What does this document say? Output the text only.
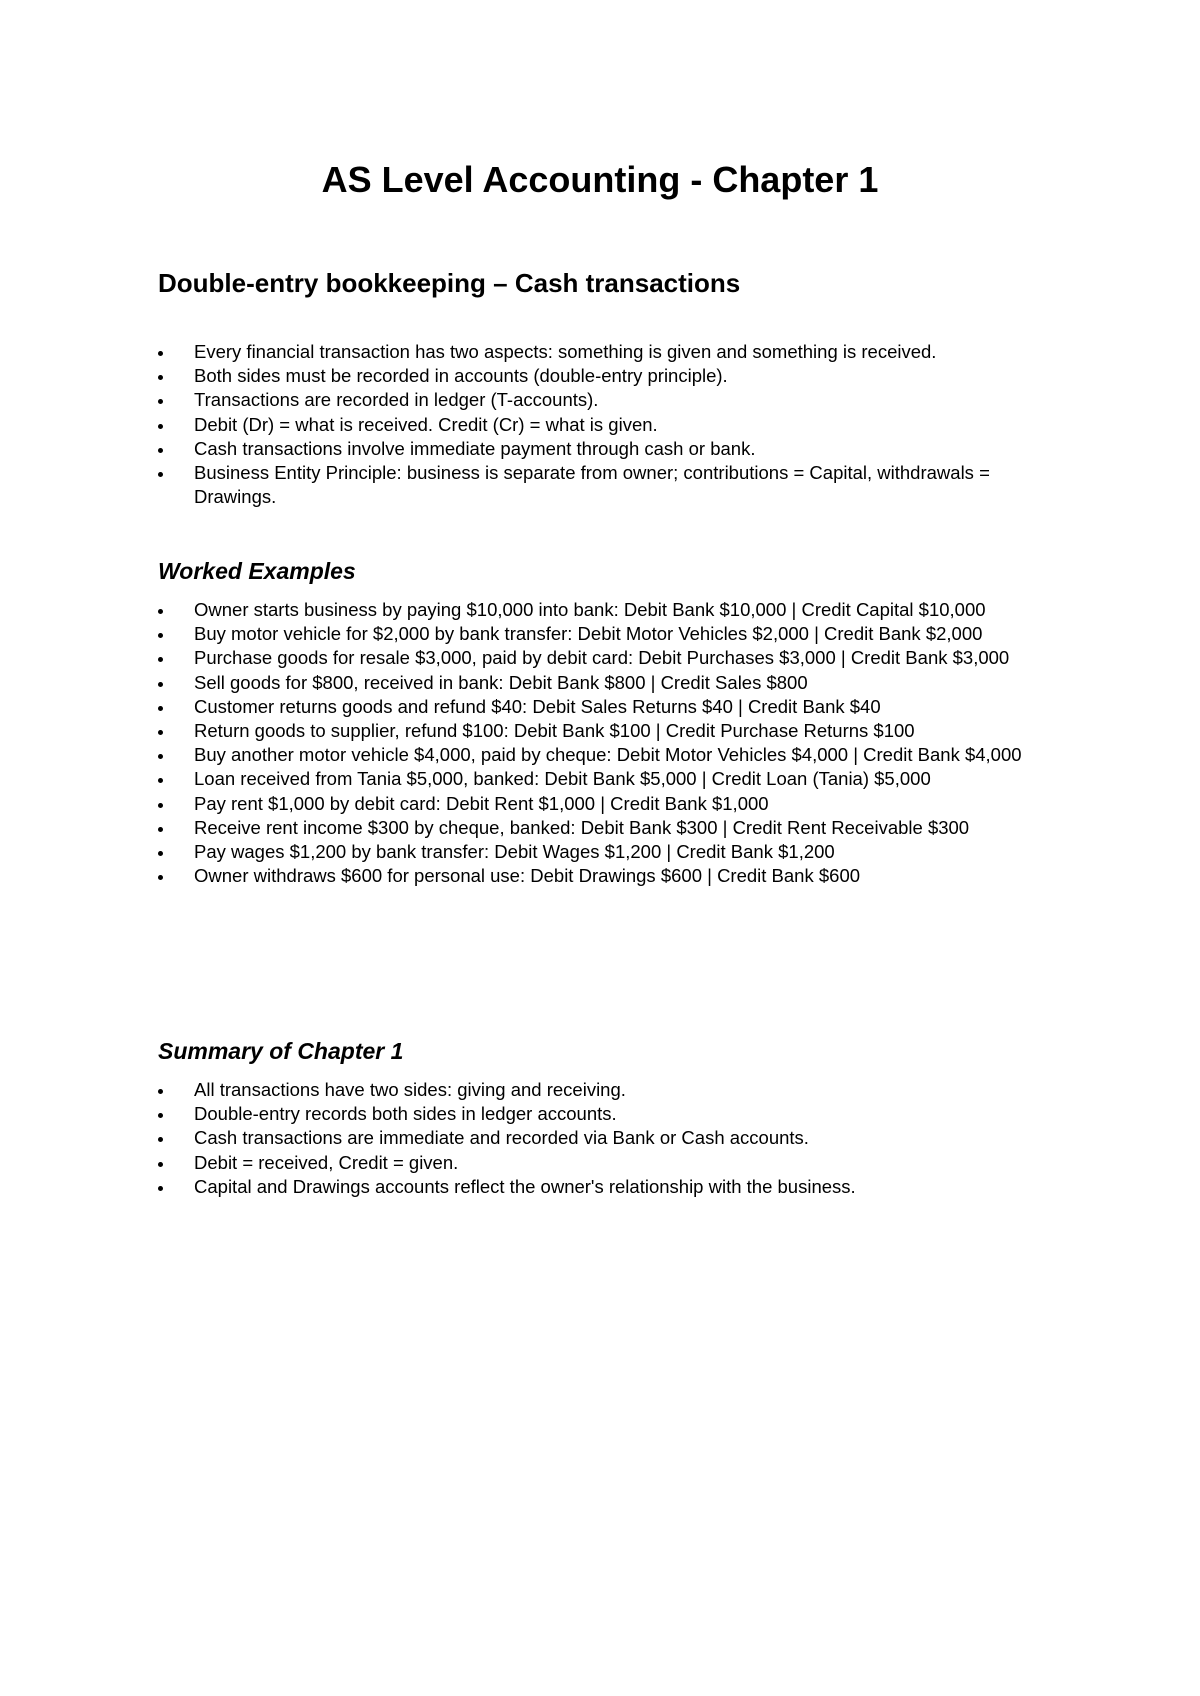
AS Level Accounting - Chapter 1
Double-entry bookkeeping – Cash transactions
Every financial transaction has two aspects: something is given and something is received.
Both sides must be recorded in accounts (double-entry principle).
Transactions are recorded in ledger (T-accounts).
Debit (Dr) = what is received. Credit (Cr) = what is given.
Cash transactions involve immediate payment through cash or bank.
Business Entity Principle: business is separate from owner; contributions = Capital, withdrawals = Drawings.
Worked Examples
Owner starts business by paying $10,000 into bank: Debit Bank $10,000 | Credit Capital $10,000
Buy motor vehicle for $2,000 by bank transfer: Debit Motor Vehicles $2,000 | Credit Bank $2,000
Purchase goods for resale $3,000, paid by debit card: Debit Purchases $3,000 | Credit Bank $3,000
Sell goods for $800, received in bank: Debit Bank $800 | Credit Sales $800
Customer returns goods and refund $40: Debit Sales Returns $40 | Credit Bank $40
Return goods to supplier, refund $100: Debit Bank $100 | Credit Purchase Returns $100
Buy another motor vehicle $4,000, paid by cheque: Debit Motor Vehicles $4,000 | Credit Bank $4,000
Loan received from Tania $5,000, banked: Debit Bank $5,000 | Credit Loan (Tania) $5,000
Pay rent $1,000 by debit card: Debit Rent $1,000 | Credit Bank $1,000
Receive rent income $300 by cheque, banked: Debit Bank $300 | Credit Rent Receivable $300
Pay wages $1,200 by bank transfer: Debit Wages $1,200 | Credit Bank $1,200
Owner withdraws $600 for personal use: Debit Drawings $600 | Credit Bank $600
Summary of Chapter 1
All transactions have two sides: giving and receiving.
Double-entry records both sides in ledger accounts.
Cash transactions are immediate and recorded via Bank or Cash accounts.
Debit = received, Credit = given.
Capital and Drawings accounts reflect the owner's relationship with the business.
